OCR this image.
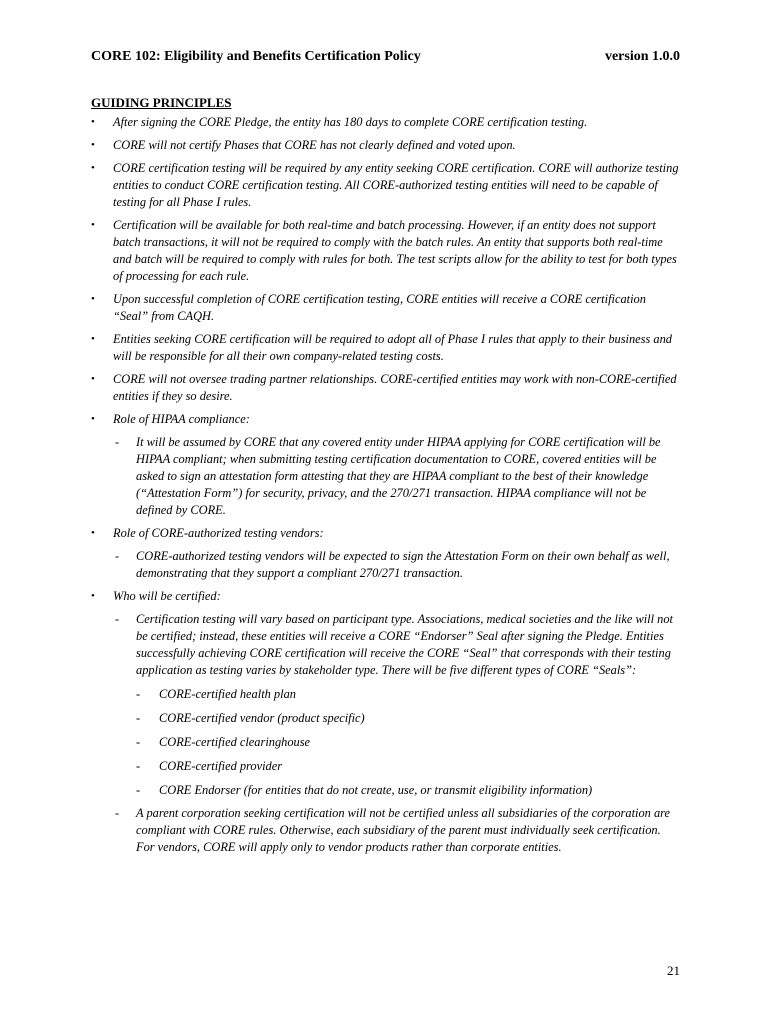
CORE 102: Eligibility and Benefits Certification Policy	version 1.0.0
GUIDING PRINCIPLES
• After signing the CORE Pledge, the entity has 180 days to complete CORE certification testing.
• CORE will not certify Phases that CORE has not clearly defined and voted upon.
• CORE certification testing will be required by any entity seeking CORE certification. CORE will authorize testing entities to conduct CORE certification testing. All CORE-authorized testing entities will need to be capable of testing for all Phase I rules.
• Certification will be available for both real-time and batch processing. However, if an entity does not support batch transactions, it will not be required to comply with the batch rules. An entity that supports both real-time and batch will be required to comply with rules for both. The test scripts allow for the ability to test for both types of processing for each rule.
• Upon successful completion of CORE certification testing, CORE entities will receive a CORE certification “Seal” from CAQH.
• Entities seeking CORE certification will be required to adopt all of Phase I rules that apply to their business and will be responsible for all their own company-related testing costs.
• CORE will not oversee trading partner relationships. CORE-certified entities may work with non-CORE-certified entities if they so desire.
• Role of HIPAA compliance:
- It will be assumed by CORE that any covered entity under HIPAA applying for CORE certification will be HIPAA compliant; when submitting testing certification documentation to CORE, covered entities will be asked to sign an attestation form attesting that they are HIPAA compliant to the best of their knowledge (“Attestation Form”) for security, privacy, and the 270/271 transaction. HIPAA compliance will not be defined by CORE.
• Role of CORE-authorized testing vendors:
- CORE-authorized testing vendors will be expected to sign the Attestation Form on their own behalf as well, demonstrating that they support a compliant 270/271 transaction.
• Who will be certified:
- Certification testing will vary based on participant type. Associations, medical societies and the like will not be certified; instead, these entities will receive a CORE “Endorser” Seal after signing the Pledge. Entities successfully achieving CORE certification will receive the CORE “Seal” that corresponds with their testing application as testing varies by stakeholder type. There will be five different types of CORE “Seals”:
- CORE-certified health plan
- CORE-certified vendor (product specific)
- CORE-certified clearinghouse
- CORE-certified provider
- CORE Endorser (for entities that do not create, use, or transmit eligibility information)
- A parent corporation seeking certification will not be certified unless all subsidiaries of the corporation are compliant with CORE rules. Otherwise, each subsidiary of the parent must individually seek certification. For vendors, CORE will apply only to vendor products rather than corporate entities.
21
